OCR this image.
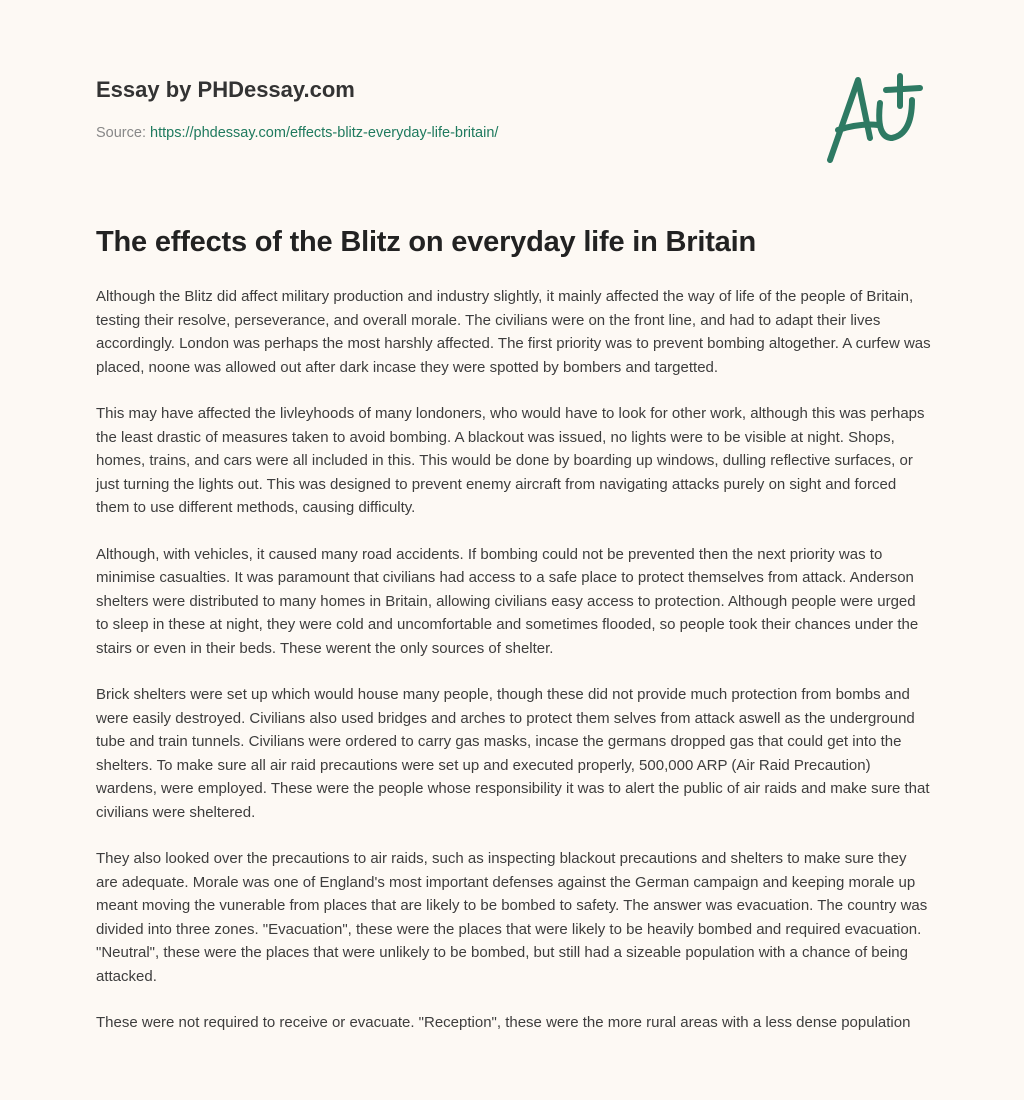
Essay by PHDessay.com
Source: https://phdessay.com/effects-blitz-everyday-life-britain/
The effects of the Blitz on everyday life in Britain

Although the Blitz did affect military production and industry slightly, it mainly affected the way of life of the people of Britain, testing their resolve, perseverance, and overall morale. The civilians were on the front line, and had to adapt their lives accordingly. London was perhaps the most harshly affected. The first priority was to prevent bombing altogether. A curfew was placed, noone was allowed out after dark incase they were spotted by bombers and targetted.

This may have affected the livleyhoods of many londoners, who would have to look for other work, although this was perhaps the least drastic of measures taken to avoid bombing. A blackout was issued, no lights were to be visible at night. Shops, homes, trains, and cars were all included in this. This would be done by boarding up windows, dulling reflective surfaces, or just turning the lights out. This was designed to prevent enemy aircraft from navigating attacks purely on sight and forced them to use different methods, causing difficulty.

Although, with vehicles, it caused many road accidents. If bombing could not be prevented then the next priority was to minimise casualties. It was paramount that civilians had access to a safe place to protect themselves from attack. Anderson shelters were distributed to many homes in Britain, allowing civilians easy access to protection. Although people were urged to sleep in these at night, they were cold and uncomfortable and sometimes flooded, so people took their chances under the stairs or even in their beds. These werent the only sources of shelter.

Brick shelters were set up which would house many people, though these did not provide much protection from bombs and were easily destroyed. Civilians also used bridges and arches to protect them selves from attack aswell as the underground tube and train tunnels. Civilians were ordered to carry gas masks, incase the germans dropped gas that could get into the shelters. To make sure all air raid precautions were set up and executed properly, 500,000 ARP (Air Raid Precaution) wardens, were employed. These were the people whose responsibility it was to alert the public of air raids and make sure that civilians were sheltered.

They also looked over the precautions to air raids, such as inspecting blackout precautions and shelters to make sure they are adequate. Morale was one of England's most important defenses against the German campaign and keeping morale up meant moving the vunerable from places that are likely to be bombed to safety. The answer was evacuation. The country was divided into three zones. "Evacuation", these were the places that were likely to be heavily bombed and required evacuation. "Neutral", these were the places that were unlikely to be bombed, but still had a sizeable population with a chance of being attacked.

These were not required to receive or evacuate. "Reception", these were the more rural areas with a less dense population
